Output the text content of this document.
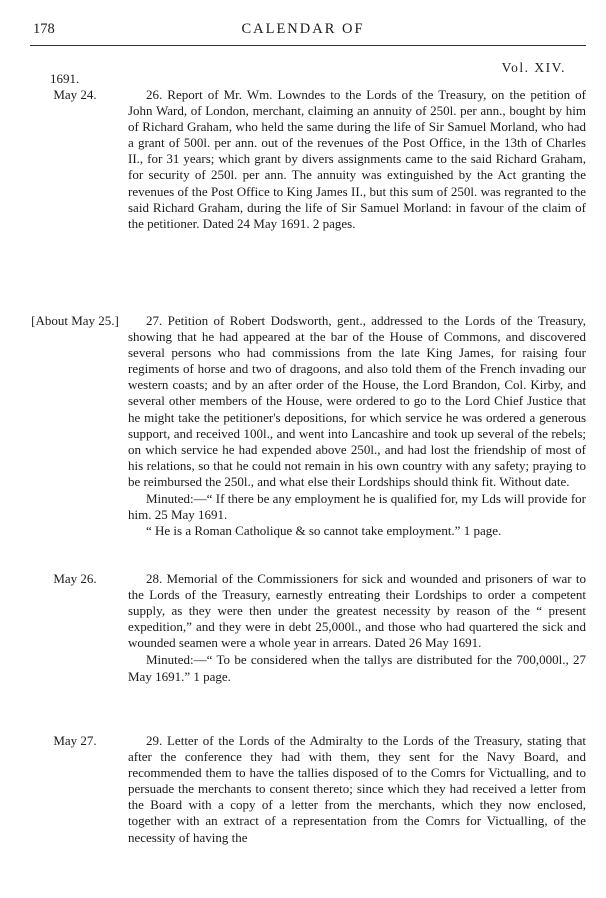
178	CALENDAR OF
Vol. XIV.
1691.
May 24.	26. Report of Mr. Wm. Lowndes to the Lords of the Treasury, on the petition of John Ward, of London, merchant, claiming an annuity of 250l. per ann., bought by him of Richard Graham, who held the same during the life of Sir Samuel Morland, who had a grant of 500l. per ann. out of the revenues of the Post Office, in the 13th of Charles II., for 31 years; which grant by divers assignments came to the said Richard Graham, for security of 250l. per ann. The annuity was extinguished by the Act granting the revenues of the Post Office to King James II., but this sum of 250l. was regranted to the said Richard Graham, during the life of Sir Samuel Morland: in favour of the claim of the petitioner. Dated 24 May 1691. 2 pages.

[About May 25.]	27. Petition of Robert Dodsworth, gent., addressed to the Lords of the Treasury, showing that he had appeared at the bar of the House of Commons, and discovered several persons who had commissions from the late King James, for raising four regiments of horse and two of dragoons, and also told them of the French invading our western coasts; and by an after order of the House, the Lord Brandon, Col. Kirby, and several other members of the House, were ordered to go to the Lord Chief Justice that he might take the petitioner's depositions, for which service he was ordered a generous support, and received 100l., and went into Lancashire and took up several of the rebels; on which service he had expended above 250l., and had lost the friendship of most of his relations, so that he could not remain in his own country with any safety; praying to be reimbursed the 250l., and what else their Lordships should think fit. Without date.

Minuted:—“ If there be any employment he is qualified for, my Lds will provide for him. 25 May 1691.

“ He is a Roman Catholique & so cannot take employment.” 1 page.

May 26.	28. Memorial of the Commissioners for sick and wounded and prisoners of war to the Lords of the Treasury, earnestly entreating their Lordships to order a competent supply, as they were then under the greatest necessity by reason of the “ present expedition,” and they were in debt 25,000l., and those who had quartered the sick and wounded seamen were a whole year in arrears. Dated 26 May 1691.

Minuted:—“ To be considered when the tallys are distributed for the 700,000l., 27 May 1691.” 1 page.

May 27.	29. Letter of the Lords of the Admiralty to the Lords of the Treasury, stating that after the conference they had with them, they sent for the Navy Board, and recommended them to have the tallies disposed of to the Comrs for Victualling, and to persuade the merchants to consent thereto; since which they had received a letter from the Board with a copy of a letter from the merchants, which they now enclosed, together with an extract of a representation from the Comrs for Victualling, of the necessity of having the
